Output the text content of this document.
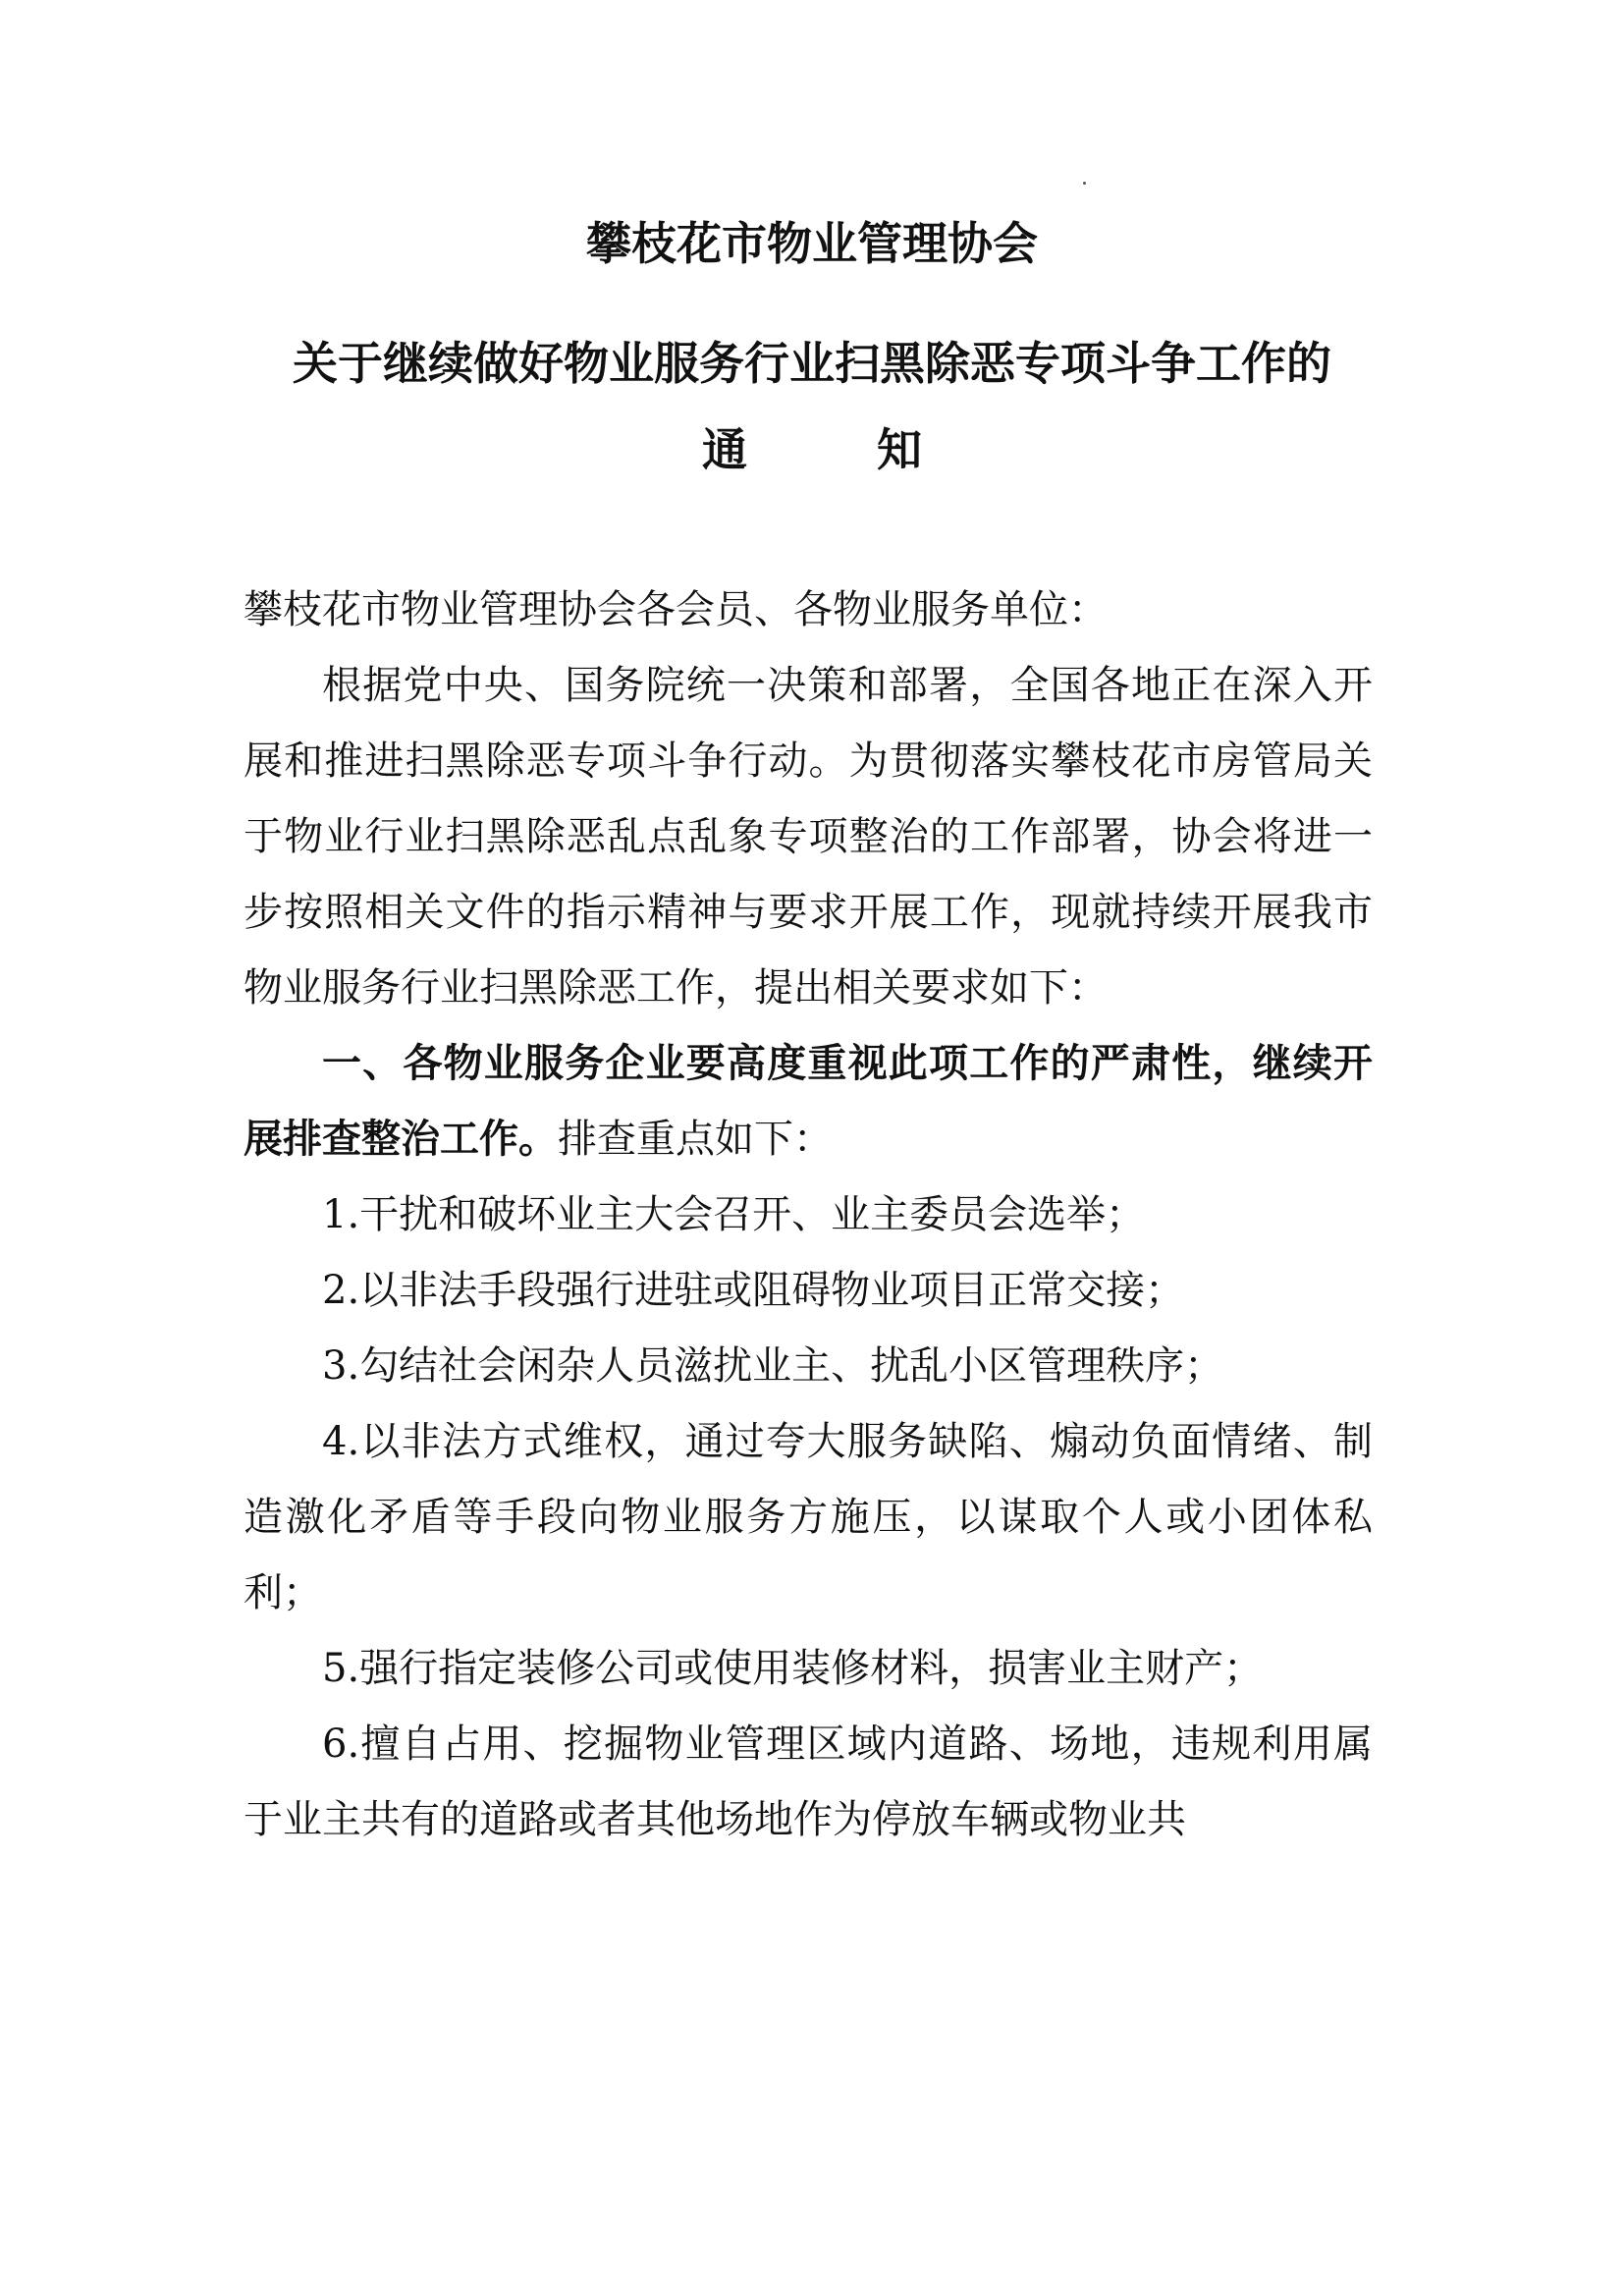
攀枝花市物业管理协会
关于继续做好物业服务行业扫黑除恶专项斗争工作的
通知

攀枝花市物业管理协会各会员、各物业服务单位：

根据党中央、国务院统一决策和部署，全国各地正在深入开展和推进扫黑除恶专项斗争行动。为贯彻落实攀枝花市房管局关于物业行业扫黑除恶乱点乱象专项整治的工作部署，协会将进一步按照相关文件的指示精神与要求开展工作，现就持续开展我市物业服务行业扫黑除恶工作，提出相关要求如下：

一、各物业服务企业要高度重视此项工作的严肃性，继续开展排查整治工作。排查重点如下：

1.干扰和破坏业主大会召开、业主委员会选举；

2.以非法手段强行进驻或阻碍物业项目正常交接；

3.勾结社会闲杂人员滋扰业主、扰乱小区管理秩序；

4.以非法方式维权，通过夸大服务缺陷、煽动负面情绪、制造激化矛盾等手段向物业服务方施压，以谋取个人或小团体私利；

5.强行指定装修公司或使用装修材料，损害业主财产；

6.擅自占用、挖掘物业管理区域内道路、场地，违规利用属于业主共有的道路或者其他场地作为停放车辆或物业共
